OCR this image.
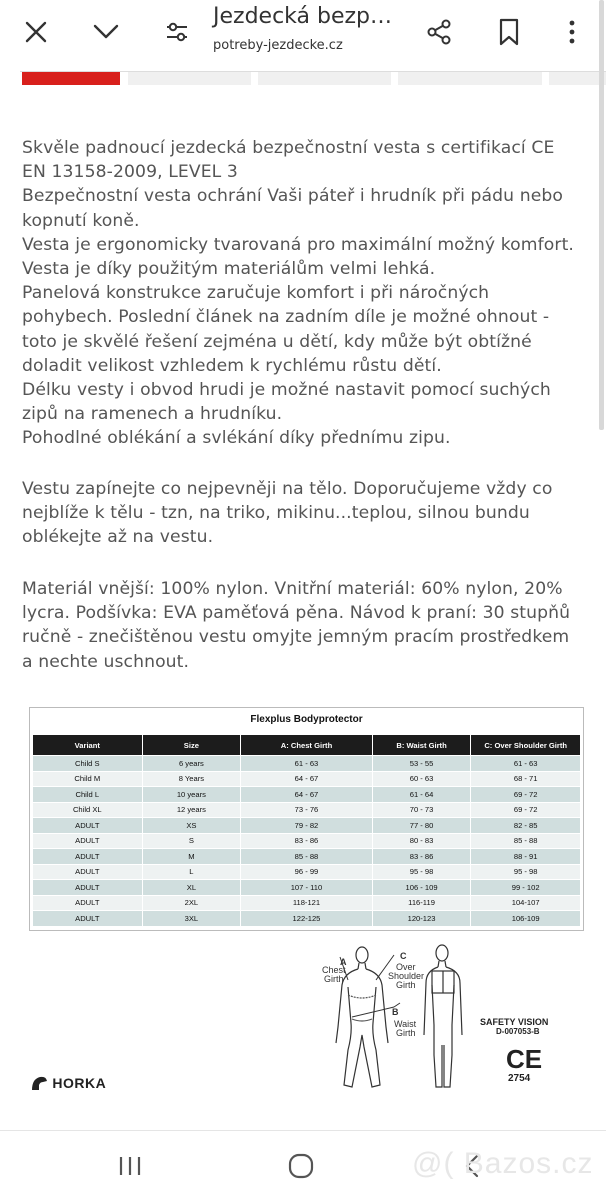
Jezdecká bezp…
potreby-jezdecke.cz

Skvěle padnoucí jezdecká bezpečnostní vesta s certifikací CE EN 13158-2009, LEVEL 3

Bezpečnostní vesta ochrání Vaši páteř i hrudník při pádu nebo kopnutí koně.

Vesta je ergonomicky tvarovaná pro maximální možný komfort. Vesta je díky použitým materiálům velmi lehká.

Panelová konstrukce zaručuje komfort i při náročných pohybech. Poslední článek na zadním díle je možné ohnout - toto je skvělé řešení zejména u dětí, kdy může být obtížné doladit velikost vzhledem k rychlému růstu dětí.

Délku vesty i obvod hrudi je možné nastavit pomocí suchých zipů na ramenech a hrudníku.

Pohodlné oblékání a svlékání díky přednímu zipu.

Vestu zapínejte co nejpevněji na tělo. Doporučujeme vždy co nejblíže k tělu - tzn, na triko, mikinu...teplou, silnou bundu oblékejte až na vestu.

Materiál vnější: 100% nylon. Vnitřní materiál: 60% nylon, 20% lycra. Podšívka: EVA paměťová pěna. Návod k praní: 30 stupňů ručně - znečištěnou vestu omyjte jemným pracím prostředkem a nechte uschnout.

Flexplus Bodyprotector
Variant	Size	A: Chest Girth	B: Waist Girth	C: Over Shoulder Girth
Child S	6 years	61 - 63	53 - 55	61 - 63
Child M	8 Years	64 - 67	60 - 63	68 - 71
Child L	10 years	64 - 67	61 - 64	69 - 72
Child XL	12 years	73 - 76	70 - 73	69 - 72
ADULT	XS	79 - 82	77 - 80	82 - 85
ADULT	S	83 - 86	80 - 83	85 - 88
ADULT	M	85 - 88	83 - 86	88 - 91
ADULT	L	96 - 99	95 - 98	95 - 98
ADULT	XL	107 - 110	106 - 109	99 - 102
ADULT	2XL	118-121	116-119	104-107
ADULT	3XL	122-125	120-123	106-109
A
Chest
Girth
C
Over
Shoulder
Girth
B
Waist
Girth
HORKA
SAFETY VISION
D-007053-B
CE
2754
@( Bazos.cz
